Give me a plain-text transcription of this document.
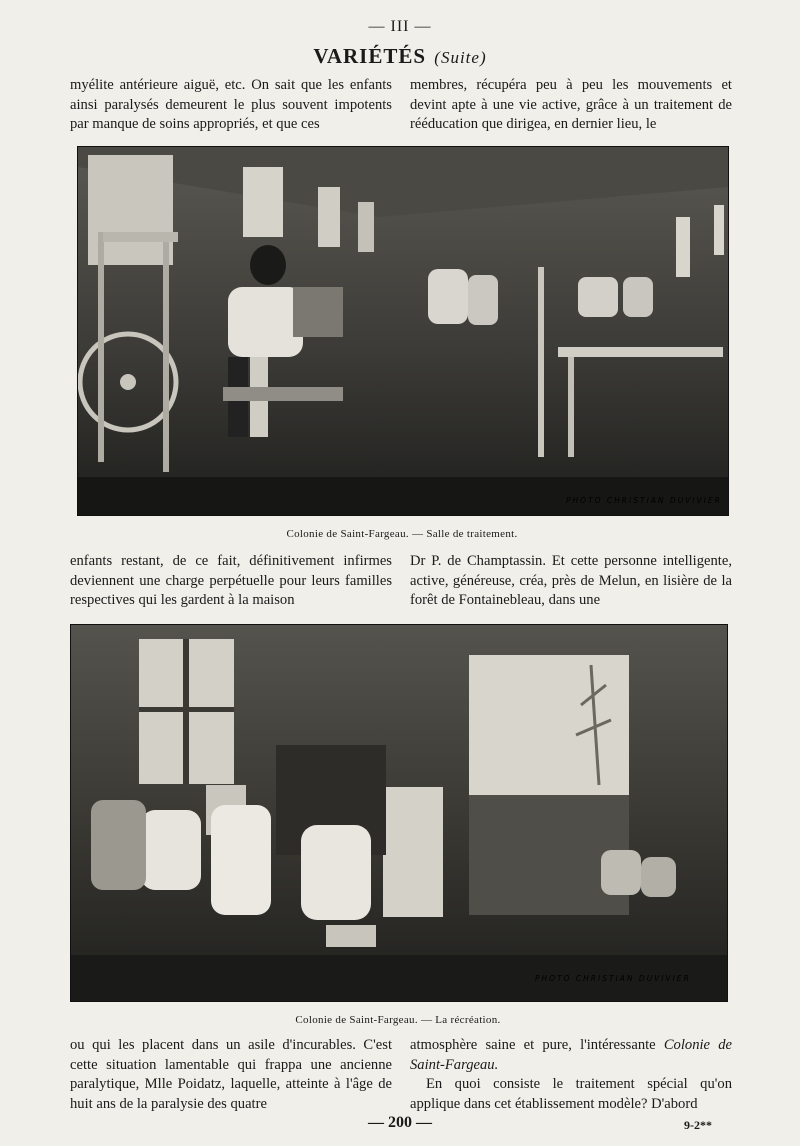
— III —
VARIÉTÉS (Suite)

myélite antérieure aiguë, etc. On sait que les enfants ainsi paralysés demeurent le plus souvent impotents par manque de soins appropriés, et que ces

membres, récupéra peu à peu les mouvements et devint apte à une vie active, grâce à un traitement de rééducation que dirigea, en dernier lieu, le

PHOTO CHRISTIAN DUVIVIER
Colonie de Saint-Fargeau. — Salle de traitement.

enfants restant, de ce fait, définitivement infirmes deviennent une charge perpétuelle pour leurs familles respectives qui les gardent à la maison

Dr P. de Champtassin. Et cette personne intelligente, active, généreuse, créa, près de Melun, en lisière de la forêt de Fontainebleau, dans une

PHOTO CHRISTIAN DUVIVIER
Colonie de Saint-Fargeau. — La récréation.

ou qui les placent dans un asile d'incurables. C'est cette situation lamentable qui frappa une ancienne paralytique, Mlle Poidatz, laquelle, atteinte à l'âge de huit ans de la paralysie des quatre

atmosphère saine et pure, l'intéressante Colonie de Saint-Fargeau.

En quoi consiste le traitement spécial qu'on applique dans cet établissement modèle? D'abord

— 200 —	9-2**
